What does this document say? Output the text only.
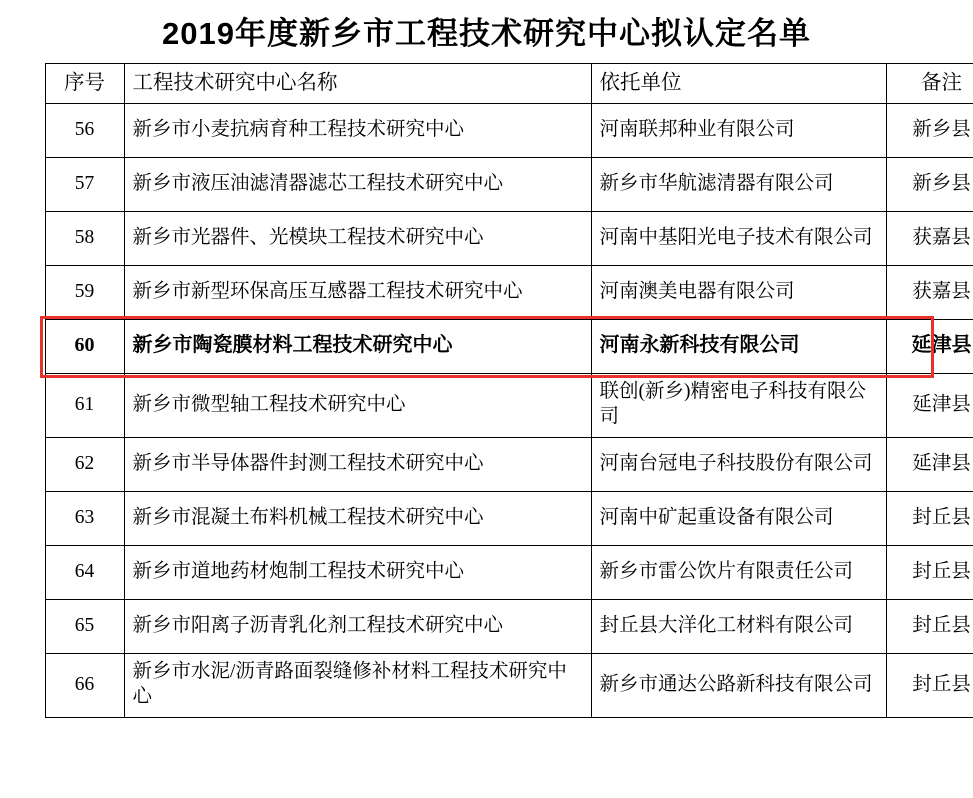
2019年度新乡市工程技术研究中心拟认定名单
序号	工程技术研究中心名称	依托单位	备注
56	新乡市小麦抗病育种工程技术研究中心	河南联邦种业有限公司	新乡县
57	新乡市液压油滤清器滤芯工程技术研究中心	新乡市华航滤清器有限公司	新乡县
58	新乡市光器件、光模块工程技术研究中心	河南中基阳光电子技术有限公司	获嘉县
59	新乡市新型环保高压互感器工程技术研究中心	河南澳美电器有限公司	获嘉县
60	新乡市陶瓷膜材料工程技术研究中心	河南永新科技有限公司	延津县
61	新乡市微型轴工程技术研究中心	联创(新乡)精密电子科技有限公司	延津县
62	新乡市半导体器件封测工程技术研究中心	河南台冠电子科技股份有限公司	延津县
63	新乡市混凝土布料机械工程技术研究中心	河南中矿起重设备有限公司	封丘县
64	新乡市道地药材炮制工程技术研究中心	新乡市雷公饮片有限责任公司	封丘县
65	新乡市阳离子沥青乳化剂工程技术研究中心	封丘县大洋化工材料有限公司	封丘县
66	新乡市水泥/沥青路面裂缝修补材料工程技术研究中心	新乡市通达公路新科技有限公司	封丘县
